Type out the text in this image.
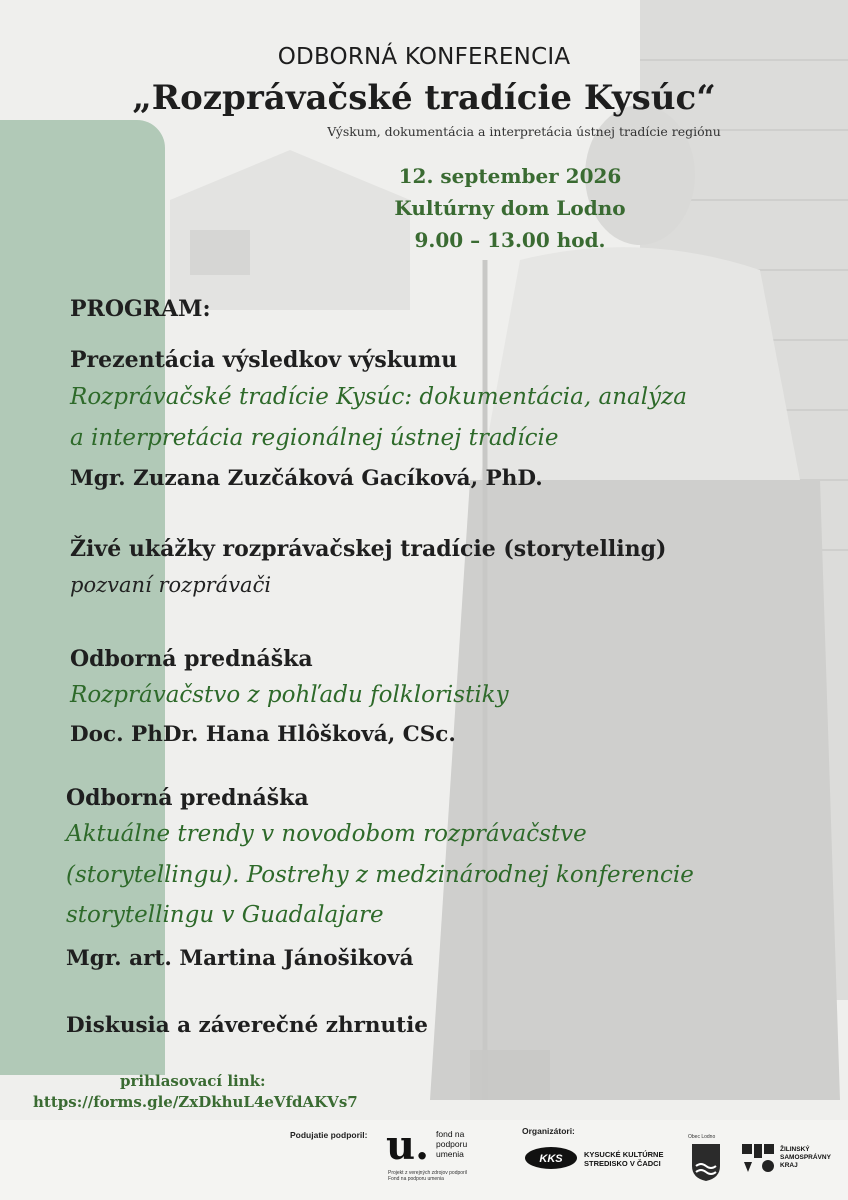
ODBORNÁ KONFERENCIA
„Rozprávačské tradície Kysúc“
Výskum, dokumentácia a interpretácia ústnej tradície regiónu
12. september 2026
Kultúrny dom Lodno
9.00 – 13.00 hod.
PROGRAM:
Prezentácia výsledkov výskumu
Rozprávačské tradície Kysúc: dokumentácia, analýza
a interpretácia regionálnej ústnej tradície
Mgr. Zuzana Zuzčáková Gacíková, PhD.
Živé ukážky rozprávačskej tradície (storytelling)
pozvaní rozprávači
Odborná prednáška
Rozprávačstvo z pohľadu folkloristiky
Doc. PhDr. Hana Hlôšková, CSc.
Odborná prednáška
Aktuálne trendy v novodobom rozprávačstve
(storytellingu). Postrehy z medzinárodnej konferencie
storytellingu v Guadalajare
Mgr. art. Martina Jánošiková
Diskusia a záverečné zhrnutie
prihlasovací link:
https://forms.gle/ZxDkhuL4eVfdAKVs7
Podujatie podporil: u. fond na podporu umenia
Projekt z verejných zdrojov podporil Fond na podporu umenia
Organizátori:
KKS	KYSUCKÉ KULTÚRNE STREDISKO V ČADCI
Obec Lodno
ŽILINSKÝ SAMOSPRÁVNY KRAJ
